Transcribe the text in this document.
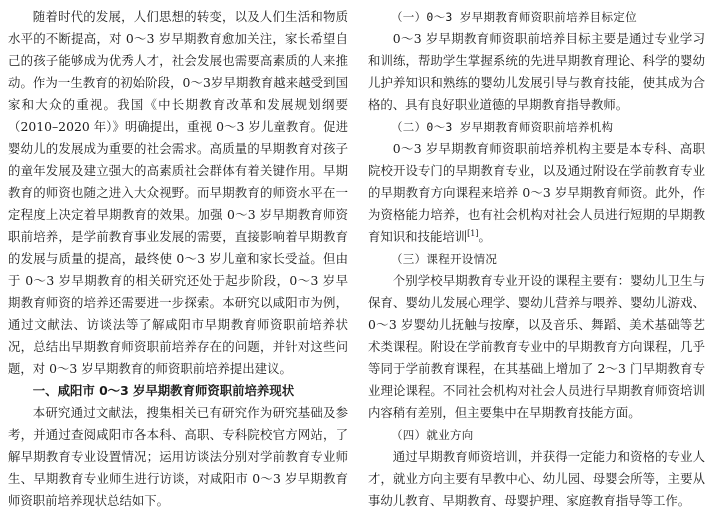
随着时代的发展，人们思想的转变，以及人们生活和物质水平的不断提高，对 0～3 岁早期教育愈加关注，家长希望自己的孩子能够成为优秀人才，社会发展也需要高素质的人来推动。作为一生教育的初始阶段，0～3岁早期教育越来越受到国家和大众的重视。我国《中长期教育改革和发展规划纲要（2010–2020 年）》明确提出，重视 0～3 岁儿童教育。促进婴幼儿的发展成为重要的社会需求。高质量的早期教育对孩子的童年发展及建立强大的高素质社会群体有着关键作用。早期教育的师资也随之进入大众视野。而早期教育的师资水平在一定程度上决定着早期教育的效果。加强 0～3 岁早期教育师资职前培养，是学前教育事业发展的需要，直接影响着早期教育的发展与质量的提高，最终使 0～3 岁儿童和家长受益。但由于 0～3 岁早期教育的相关研究还处于起步阶段，0～3 岁早期教育师资的培养还需要进一步探索。本研究以咸阳市为例，通过文献法、访谈法等了解咸阳市早期教育师资职前培养状况，总结出早期教育师资职前培养存在的问题，并针对这些问题，对 0～3 岁早期教育的师资职前培养提出建议。

一、咸阳市 0～3 岁早期教育师资职前培养现状

本研究通过文献法，搜集相关已有研究作为研究基础及参考，并通过查阅咸阳市各本科、高职、专科院校官方网站，了解早期教育专业设置情况；运用访谈法分别对学前教育专业师生、早期教育专业师生进行访谈，对咸阳市 0～3 岁早期教育师资职前培养现状总结如下。

（一）0～3 岁早期教育师资职前培养目标定位

0～3 岁早期教育师资职前培养目标主要是通过专业学习和训练，帮助学生掌握系统的先进早期教育理论、科学的婴幼儿护养知识和熟练的婴幼儿发展引导与教育技能，使其成为合格的、具有良好职业道德的早期教育指导教师。

（二）0～3 岁早期教育师资职前培养机构

0～3 岁早期教育师资职前培养机构主要是本专科、高职院校开设专门的早期教育专业，以及通过附设在学前教育专业的早期教育方向课程来培养 0～3 岁早期教育师资。此外，作为资格能力培养，也有社会机构对社会人员进行短期的早期教育知识和技能培训[1]。

（三）课程开设情况

个别学校早期教育专业开设的课程主要有：婴幼儿卫生与保育、婴幼儿发展心理学、婴幼儿营养与喂养、婴幼儿游戏、0～3 岁婴幼儿抚触与按摩，以及音乐、舞蹈、美术基础等艺术类课程。附设在学前教育专业中的早期教育方向课程，几乎等同于学前教育课程，在其基础上增加了 2～3 门早期教育专业理论课程。不同社会机构对社会人员进行早期教育师资培训内容稍有差别，但主要集中在早期教育技能方面。

（四）就业方向

通过早期教育师资培训，并获得一定能力和资格的专业人才，就业方向主要有早教中心、幼儿园、母婴会所等，主要从事幼儿教育、早期教育、母婴护理、家庭教育指导等工作。
